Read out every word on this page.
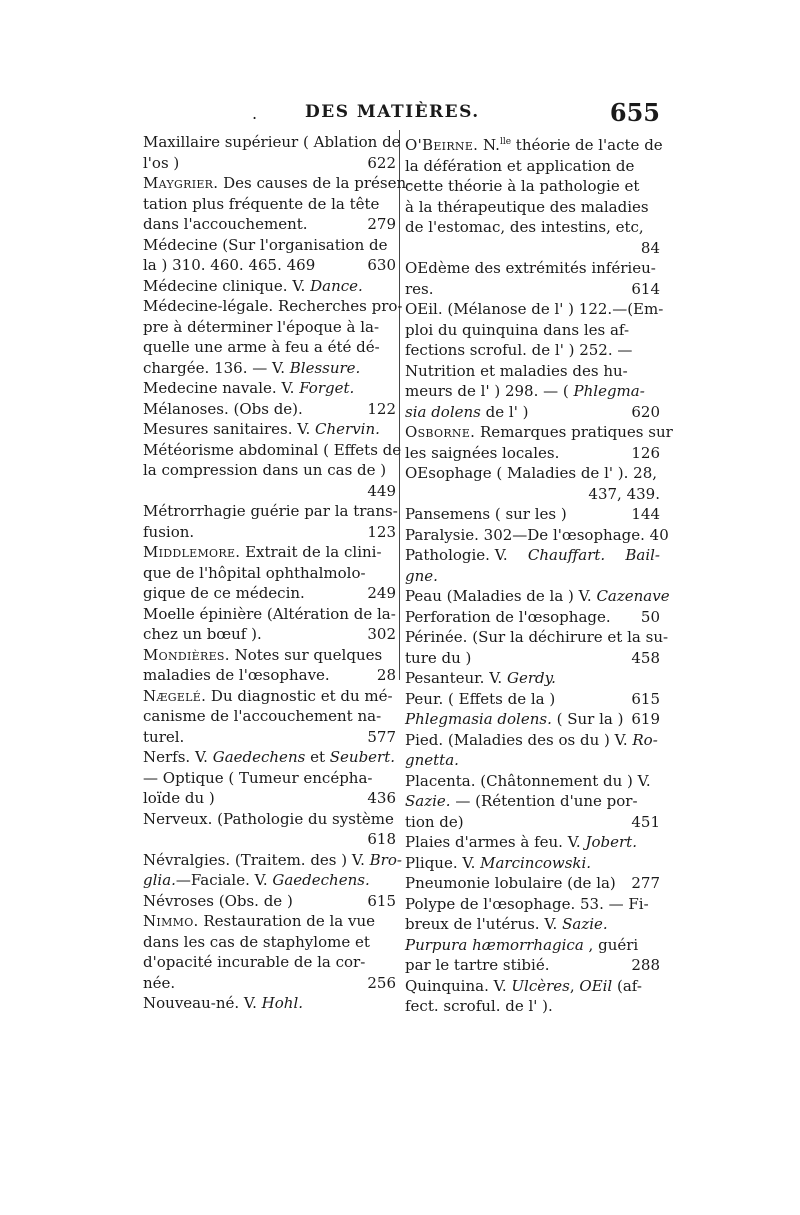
.	DES MATIÈRES.	655
Maxillaire supérieur ( Ablation de
l'os )	622
Maygrier. Des causes de la présen-
tation plus fréquente de la tête
dans l'accouchement.	279
Médecine (Sur l'organisation de
la ) 310. 460. 465. 469	630
Médecine clinique. V. Dance.
Médecine-légale. Recherches pro-
pre à déterminer l'époque à la-
quelle une arme à feu a été dé-
chargée. 136. — V. Blessure.
Medecine navale. V. Forget.
Mélanoses. (Obs de).	122
Mesures sanitaires. V. Chervin.
Météorisme abdominal ( Effets de
la compression dans un cas de )
449
Métrorrhagie guérie par la trans-
fusion.	123
Middlemore. Extrait de la clini-
que de l'hôpital ophthalmolo-
gique de ce médecin.	249
Moelle épinière (Altération de la-
chez un bœuf ).	302
Mondières. Notes sur quelques
maladies de l'œsophave.	28
Nægelé. Du diagnostic et du mé-
canisme de l'accouchement na-
turel.	577
Nerfs. V. Gaedechens et Seubert.
— Optique ( Tumeur encépha-
loïde du )	436
Nerveux. (Pathologie du système
618
Névralgies. (Traitem. des ) V. Bro-
glia.—Faciale. V. Gaedechens.
Névroses (Obs. de )	615
Nimmo. Restauration de la vue
dans les cas de staphylome et
d'opacité incurable de la cor-
née.	256
Nouveau-né. V. Hohl.
O'Beirne. N.$^{lle}$ théorie de l'acte de
la défération et application de
cette théorie à la pathologie et
à la thérapeutique des maladies
de l'estomac, des intestins, etc,
84
OEdème des extrémités inférieu-
res.	614
OEil. (Mélanose de l' ) 122.—(Em-
ploi du quinquina dans les af-
fections scroful. de l' ) 252. —
Nutrition et maladies des hu-
meurs de l' ) 298. — ( Phlegma-
sia dolens de l' )	620
Osborne. Remarques pratiques sur
les saignées locales.	126
OEsophage ( Maladies de l' ). 28,
437, 439.
Pansemens ( sur les )	144
Paralysie. 302—De l'œsophage. 40
Pathologie. V. Chauffart. Bail-
gne.
Peau (Maladies de la ) V. Cazenave
Perforation de l'œsophage. 50
Périnée. (Sur la déchirure et la su-
ture du )	458
Pesanteur. V. Gerdy.
Peur. ( Effets de la )	615
Phlegmasia dolens. ( Sur la ) 619
Pied. (Maladies des os du ) V. Ro-
gnetta.
Placenta. (Châtonnement du ) V.
Sazie. — (Rétention d'une por-
tion de)	451
Plaies d'armes à feu. V. Jobert.
Plique. V. Marcincowski.
Pneumonie lobulaire (de la) 277
Polype de l'œsophage. 53. — Fi-
breux de l'utérus. V. Sazie.
Purpura hæmorrhagica , guéri
par le tartre stibié.	288
Quinquina. V. Ulcères, OEil (af-
fect. scroful. de l' ).
